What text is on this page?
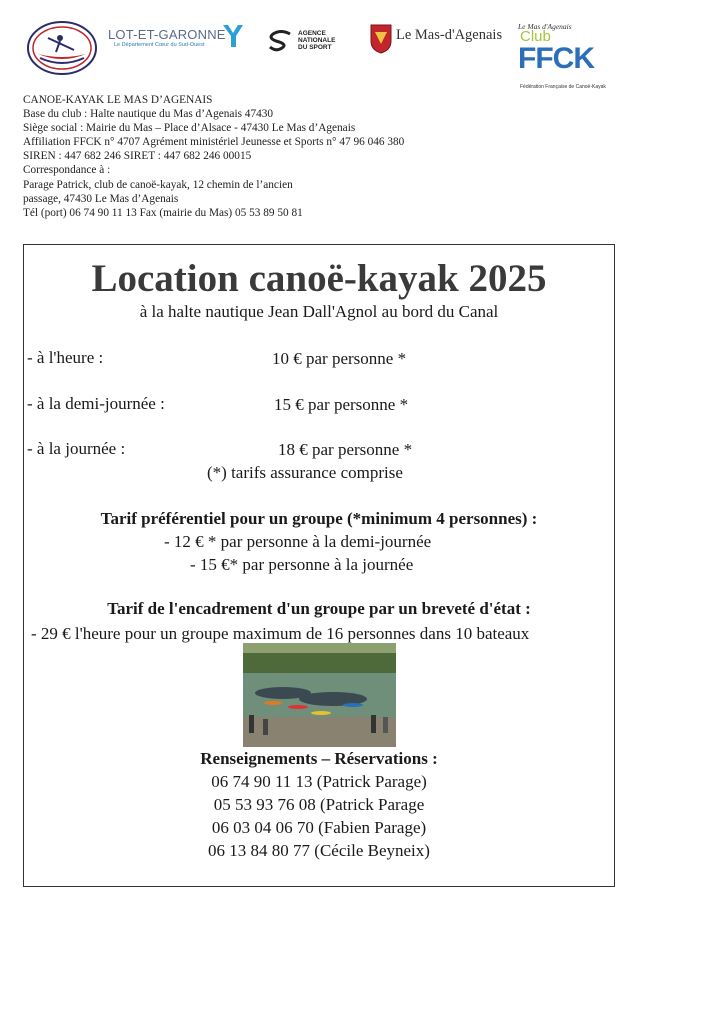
LOT-ET-GARONNE
Le Département Cœur du Sud-Ouest
AGENCE
NATIONALE
DU SPORT
Le Mas-d'Agenais
Le Mas d'Agenais
Club
FFCK
Fédération Française de Canoë-Kayak
CANOE-KAYAK LE MAS D’AGENAIS
Base du club : Halte nautique du Mas d’Agenais 47430
Siège social : Mairie du Mas – Place d’Alsace - 47430 Le Mas d’Agenais
Affiliation FFCK n° 4707 Agrément ministériel Jeunesse et Sports n° 47 96 046 380
SIREN : 447 682 246 SIRET : 447 682 246 00015
Correspondance à :
Parage Patrick, club de canoë-kayak, 12 chemin de l’ancien
passage, 47430 Le Mas d’Agenais
Tél (port) 06 74 90 11 13 Fax (mairie du Mas) 05 53 89 50 81
Location canoë-kayak 2025
à la halte nautique Jean Dall'Agnol au bord du Canal
- à l'heure :	10 € par personne *
- à la demi-journée :	15 € par personne *
- à la journée :	18 € par personne *
(*) tarifs assurance comprise
Tarif préférentiel pour un groupe (*minimum 4 personnes) :
- 12 € * par personne à la demi-journée
- 15 €* par personne à la journée
Tarif de l'encadrement d'un groupe par un breveté d'état :
- 29 € l'heure pour un groupe maximum de 16 personnes dans 10 bateaux
Renseignements – Réservations :
06 74 90 11 13 (Patrick Parage)
05 53 93 76 08 (Patrick Parage
06 03 04 06 70 (Fabien Parage)
06 13 84 80 77 (Cécile Beyneix)
